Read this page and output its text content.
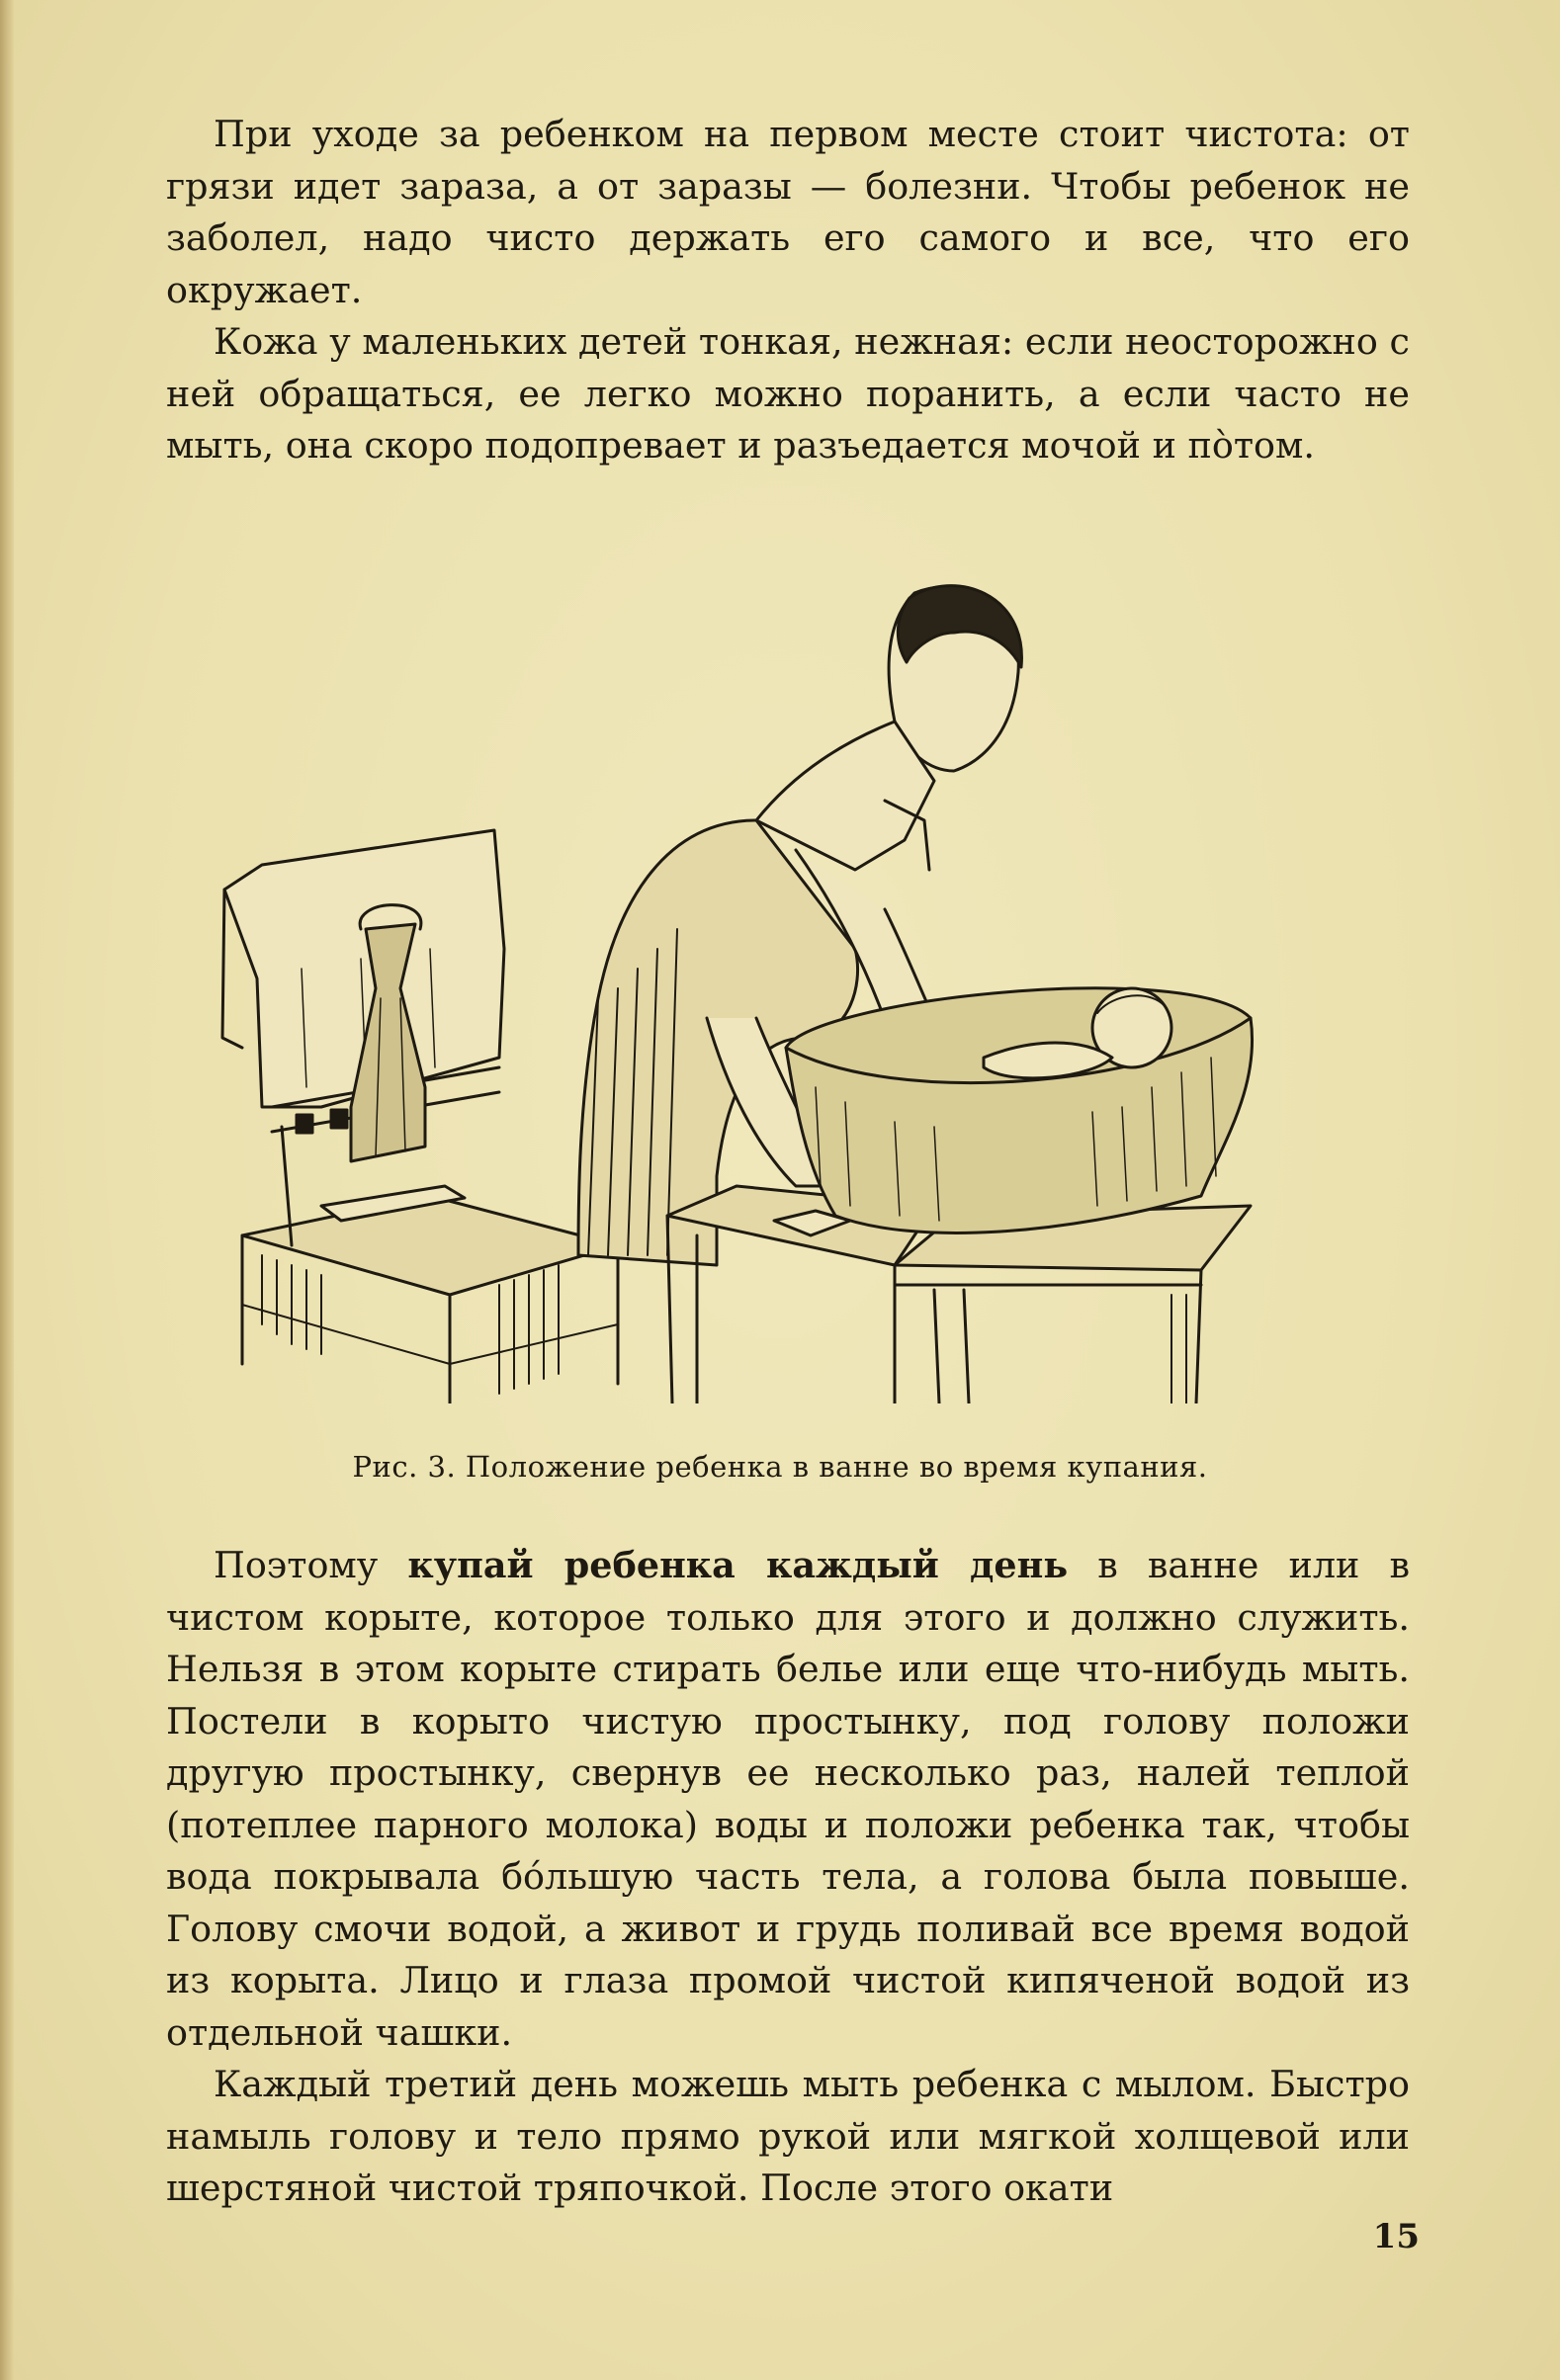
При уходе за ребенком на первом месте стоит чистота: от грязи идет зараза, а от заразы — болезни. Чтобы ребенок не заболел, надо чисто держать его самого и все, что его окружает.

Кожа у маленьких детей тонкая, нежная: если неосторожно с ней обращаться, ее легко можно поранить, а если часто не мыть, она скоро подопревает и разъедается мочой и пòтом.

Рис. 3. Положение ребенка в ванне во время купания.

Поэтому купай ребенка каждый день в ванне или в чистом корыте, которое только для этого и должно служить. Нельзя в этом корыте стирать белье или еще что-нибудь мыть. Постели в корыто чистую простынку, под голову положи другую простынку, свернув ее несколько раз, налей теплой (потеплее парного молока) воды и положи ребенка так, чтобы вода покрывала бо́льшую часть тела, а голова была повыше. Голову смочи водой, а живот и грудь поливай все время водой из корыта. Лицо и глаза промой чистой кипяченой водой из отдельной чашки.

Каждый третий день можешь мыть ребенка с мылом. Быстро намыль голову и тело прямо рукой или мягкой холщевой или шерстяной чистой тряпочкой. После этого окати

15
